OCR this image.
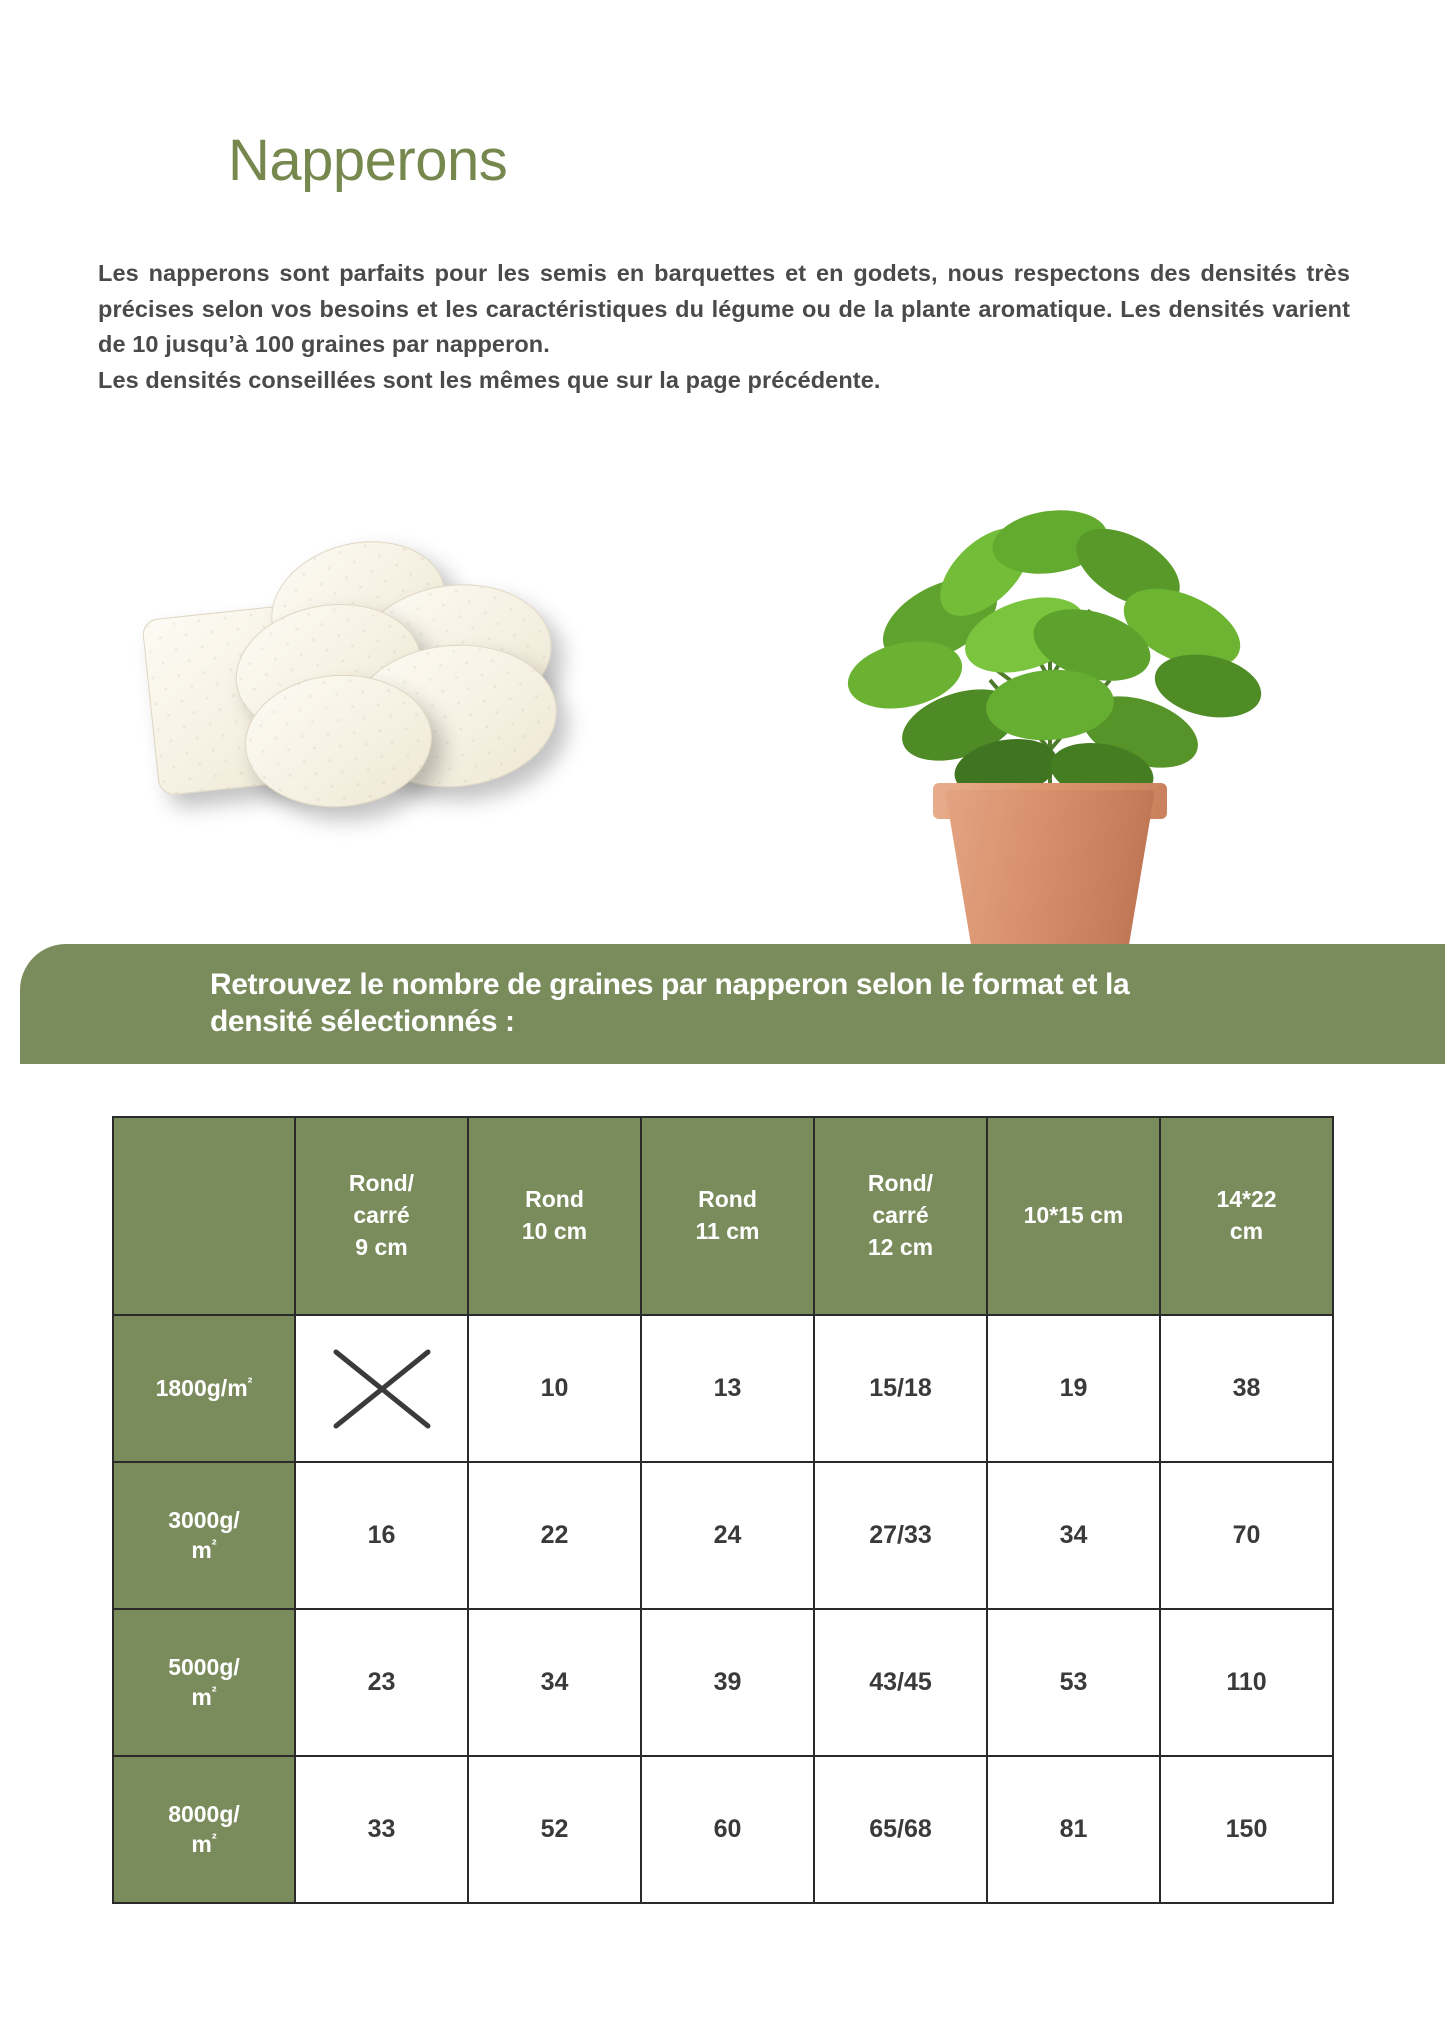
Napperons

Les napperons sont parfaits pour les semis en barquettes et en godets, nous respectons des densités très précises selon vos besoins et les caractéristiques du légume ou de la plante aromatique. Les densités varient de 10 jusqu’à 100 graines par napperon.

Les densités conseillées sont les mêmes que sur la page précédente.

Retrouvez le nombre de graines par napperon selon le format et la densité sélectionnés :
	Rond/
carré
9 cm	Rond
10 cm	Rond
11 cm	Rond/
carré
12 cm	10*15 cm	14*22
cm
$1800g/m^{^2}$		10	13	15/18	19	38
3000g/
$m^{^2}$	16	22	24	27/33	34	70
5000g/
$m^{^2}$	23	34	39	43/45	53	110
8000g/
$m^{^2}$	33	52	60	65/68	81	150
